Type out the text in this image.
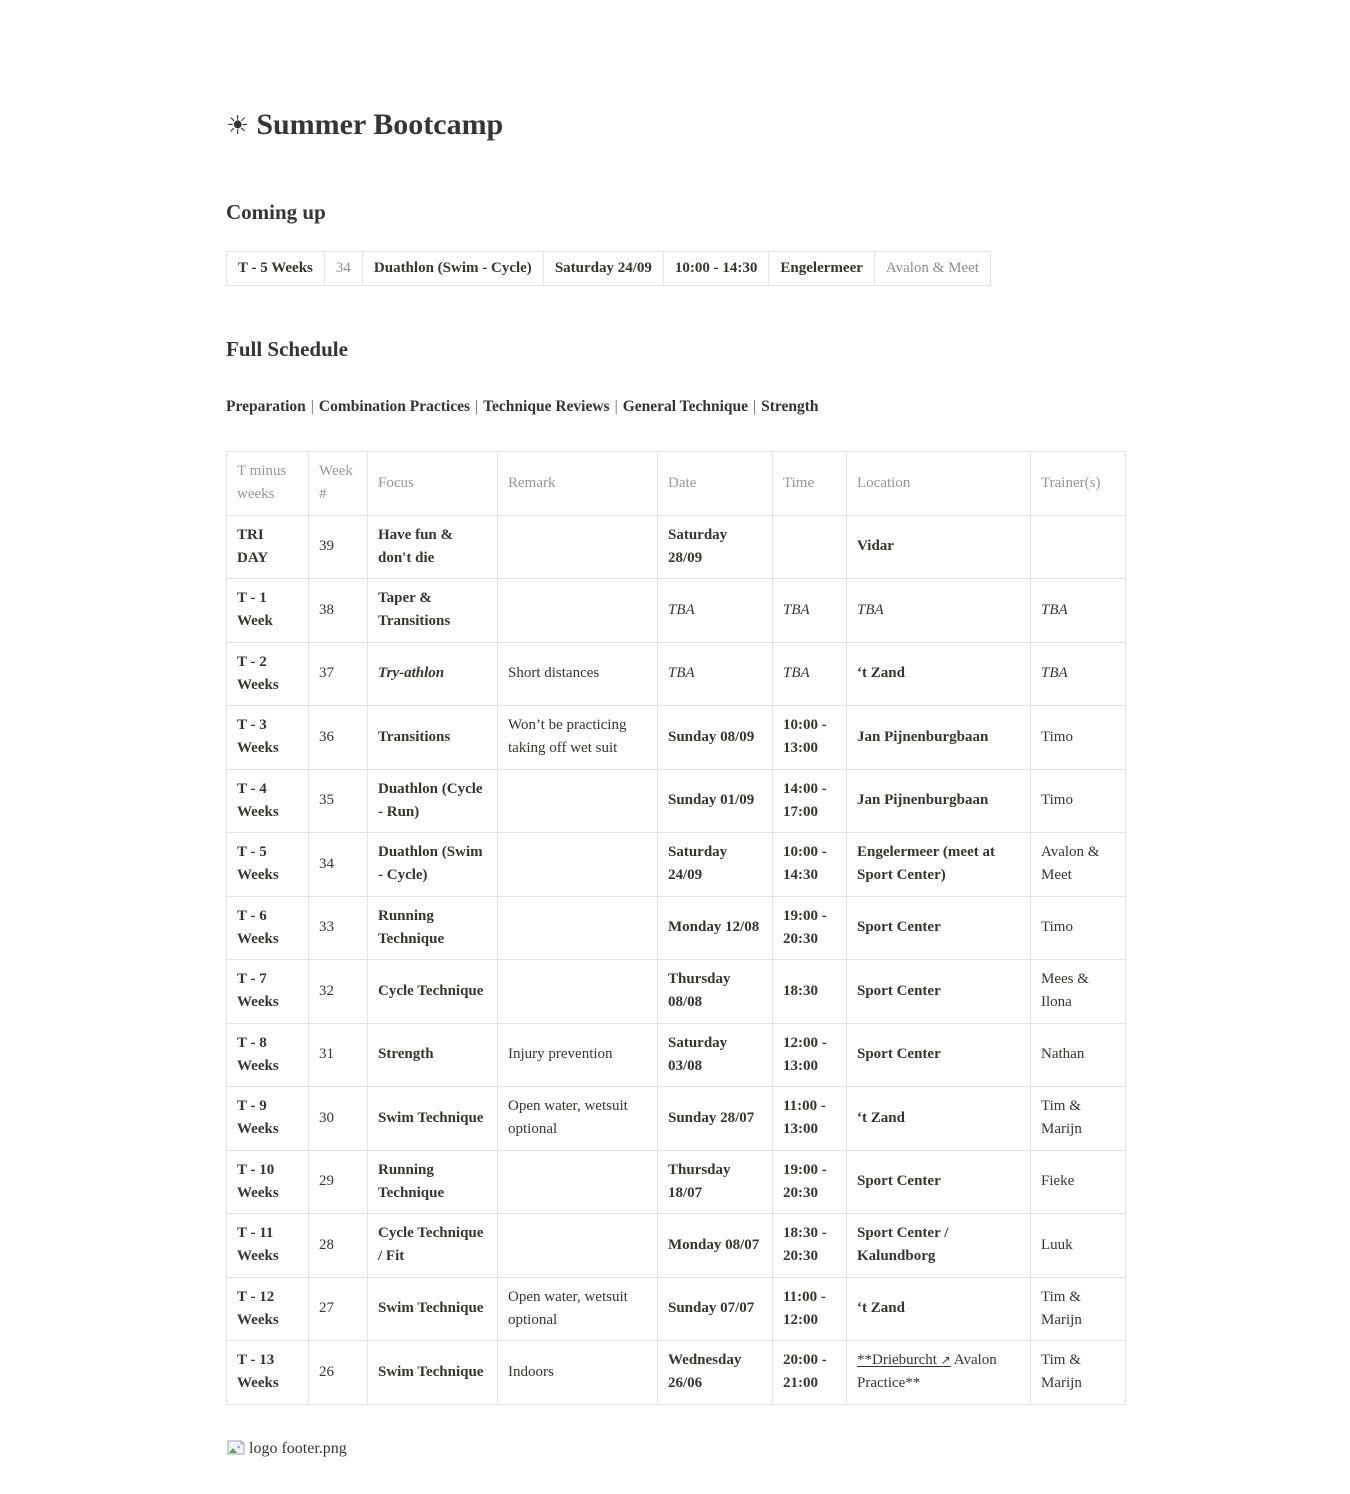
☀ Summer Bootcamp
Coming up
T - 5 Weeks	34	Duathlon (Swim - Cycle)	Saturday 24/09	10:00 - 14:30	Engelermeer	Avalon & Meet
Full Schedule

Preparation | Combination Practices | Technique Reviews | General Technique | Strength

T minus weeks	Week #	Focus	Remark	Date	Time	Location	Trainer(s)
TRI DAY	39	Have fun & don't die		Saturday 28/09		Vidar	
T - 1 Week	38	Taper & Transitions		TBA	TBA	TBA	TBA
T - 2 Weeks	37	Try-athlon	Short distances	TBA	TBA	‘t Zand	TBA
T - 3 Weeks	36	Transitions	Won’t be practicing taking off wet suit	Sunday 08/09	10:00 - 13:00	Jan Pijnenburgbaan	Timo
T - 4 Weeks	35	Duathlon (Cycle - Run)		Sunday 01/09	14:00 - 17:00	Jan Pijnenburgbaan	Timo
T - 5 Weeks	34	Duathlon (Swim - Cycle)		Saturday 24/09	10:00 - 14:30	Engelermeer (meet at Sport Center)	Avalon & Meet
T - 6 Weeks	33	Running Technique		Monday 12/08	19:00 - 20:30	Sport Center	Timo
T - 7 Weeks	32	Cycle Technique		Thursday 08/08	18:30	Sport Center	Mees & Ilona
T - 8 Weeks	31	Strength	Injury prevention	Saturday 03/08	12:00 - 13:00	Sport Center	Nathan
T - 9 Weeks	30	Swim Technique	Open water, wetsuit optional	Sunday 28/07	11:00 - 13:00	‘t Zand	Tim & Marijn
T - 10 Weeks	29	Running Technique		Thursday 18/07	19:00 - 20:30	Sport Center	Fieke
T - 11 Weeks	28	Cycle Technique / Fit		Monday 08/07	18:30 - 20:30	Sport Center / Kalundborg	Luuk
T - 12 Weeks	27	Swim Technique	Open water, wetsuit optional	Sunday 07/07	11:00 - 12:00	‘t Zand	Tim & Marijn
T - 13 Weeks	26	Swim Technique	Indoors	Wednesday 26/06	20:00 - 21:00	**Drieburcht ↗ Avalon Practice**	Tim & Marijn
logo footer.png
